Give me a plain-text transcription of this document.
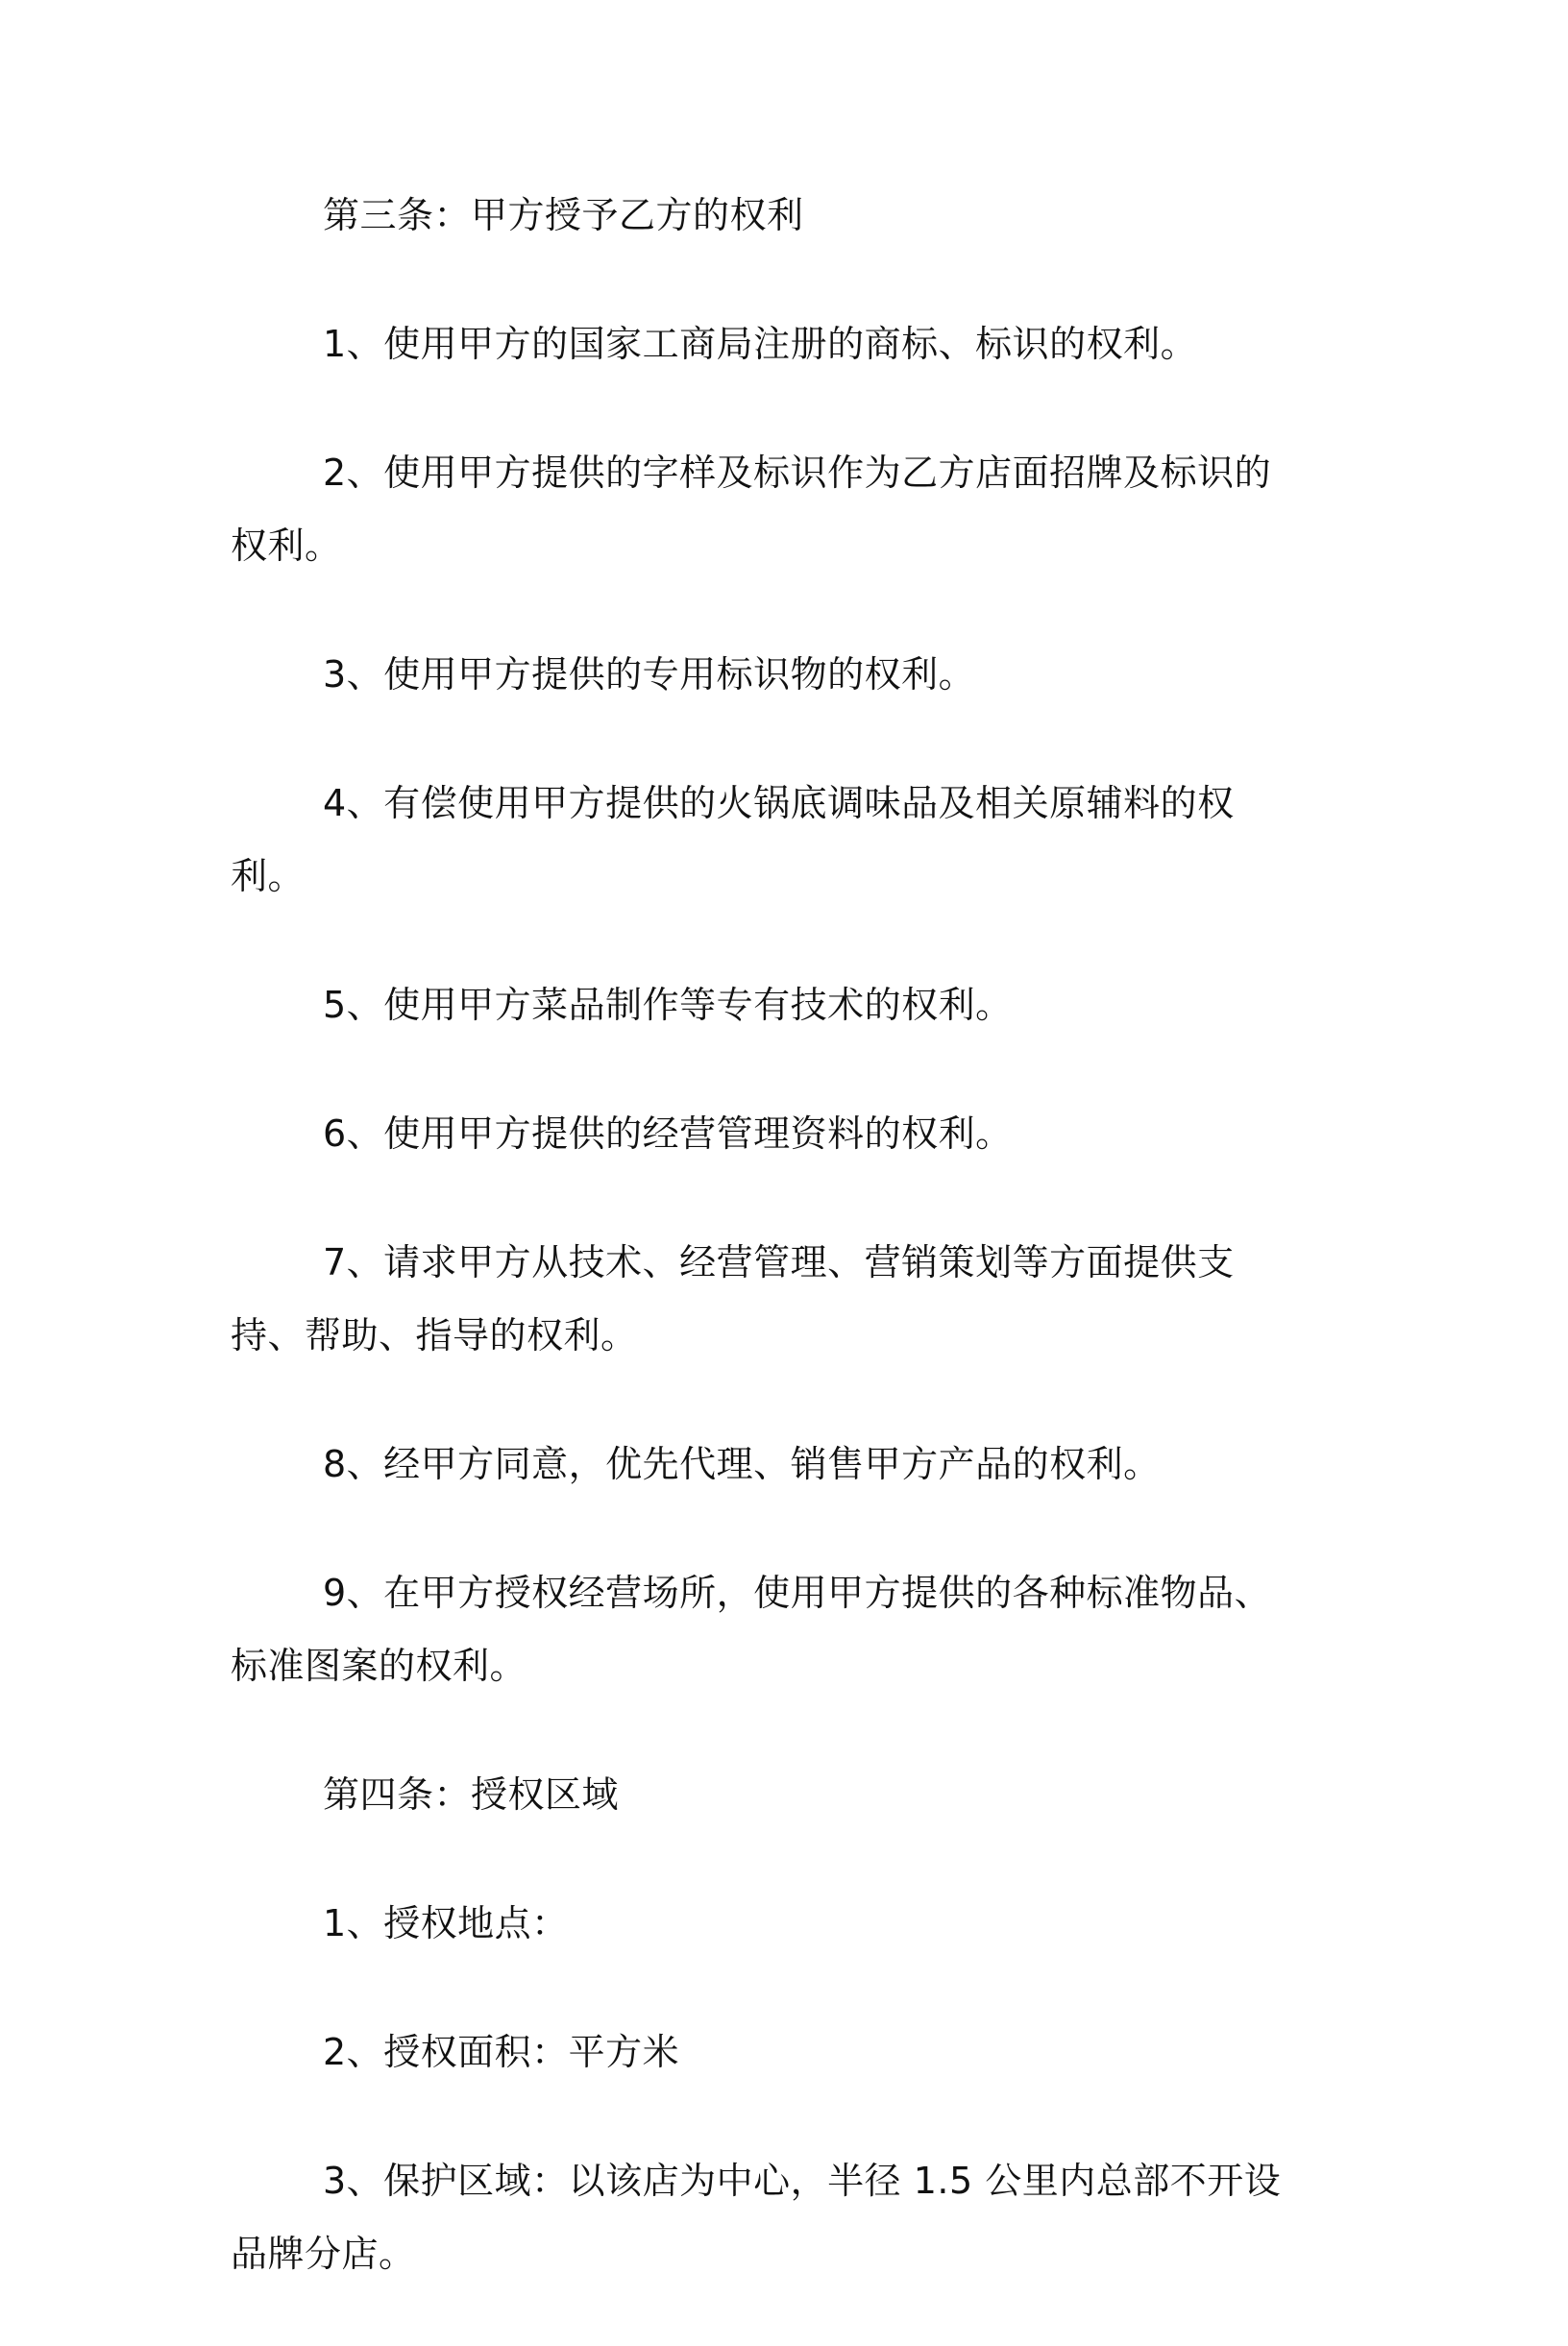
第三条：甲方授予乙方的权利

1、使用甲方的国家工商局注册的商标、标识的权利。

2、使用甲方提供的字样及标识作为乙方店面招牌及标识的权利。

3、使用甲方提供的专用标识物的权利。

4、有偿使用甲方提供的火锅底调味品及相关原辅料的权利。

5、使用甲方菜品制作等专有技术的权利。

6、使用甲方提供的经营管理资料的权利。

7、请求甲方从技术、经营管理、营销策划等方面提供支持、帮助、指导的权利。

8、经甲方同意，优先代理、销售甲方产品的权利。

9、在甲方授权经营场所，使用甲方提供的各种标准物品、标准图案的权利。

第四条：授权区域

1、授权地点：

2、授权面积：平方米

3、保护区域：以该店为中心，半径 1.5 公里内总部不开设品牌分店。
